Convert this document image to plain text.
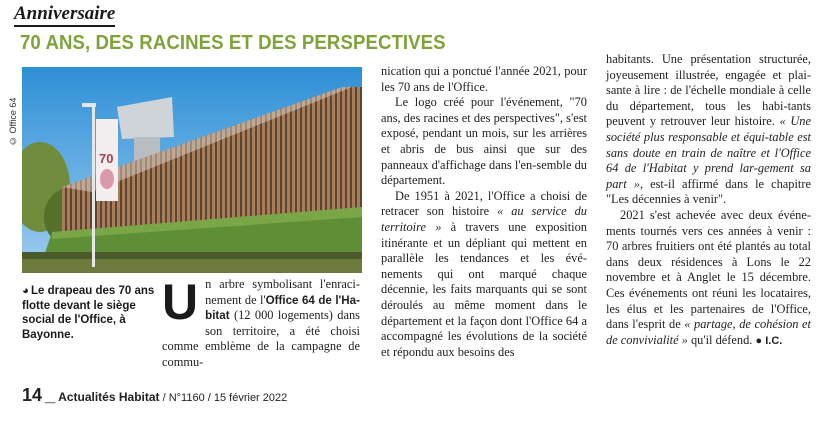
Anniversaire
70 ANS, DES RACINES ET DES PERSPECTIVES
© Office 64
70
◕ Le drapeau des 70 ans flotte devant le siège social de l'Office, à Bayonne.
Un arbre symbolisant l'enraci-nement de l'Office 64 de l'Ha-bitat (12 000 logements) dans son territoire, a été choisi comme emblème de la campagne de commu-

nication qui a ponctué l'année 2021, pour les 70 ans de l'Office.

Le logo créé pour l'événement, "70 ans, des racines et des perspectives", s'est exposé, pendant un mois, sur les arrières et abris de bus ainsi que sur des panneaux d'affichage dans l'en-semble du département.

De 1951 à 2021, l'Office a choisi de retracer son histoire « au service du territoire » à travers une exposition itinérante et un dépliant qui mettent en parallèle les tendances et les évé-nements qui ont marqué chaque décennie, les faits marquants qui se sont déroulés au même moment dans le département et la façon dont l'Office 64 a accompagné les évolutions de la société et répondu aux besoins des

habitants. Une présentation structurée, joyeusement illustrée, engagée et plai-sante à lire : de l'échelle mondiale à celle du département, tous les habi-tants peuvent y retrouver leur histoire. « Une société plus responsable et équi-table est sans doute en train de naître et l'Office 64 de l'Habitat y prend lar-gement sa part », est-il affirmé dans le chapitre "Les décennies à venir".

2021 s'est achevée avec deux événe-ments tournés vers ces années à venir : 70 arbres fruitiers ont été plantés au total dans deux résidences à Lons le 22 novembre et à Anglet le 15 décembre. Ces événements ont réuni les locataires, les élus et les partenaires de l'Office, dans l'esprit de « partage, de cohésion et de convivialité » qu'il défend. ● I.C.

14 _ Actualités Habitat / N°1160 / 15 février 2022
